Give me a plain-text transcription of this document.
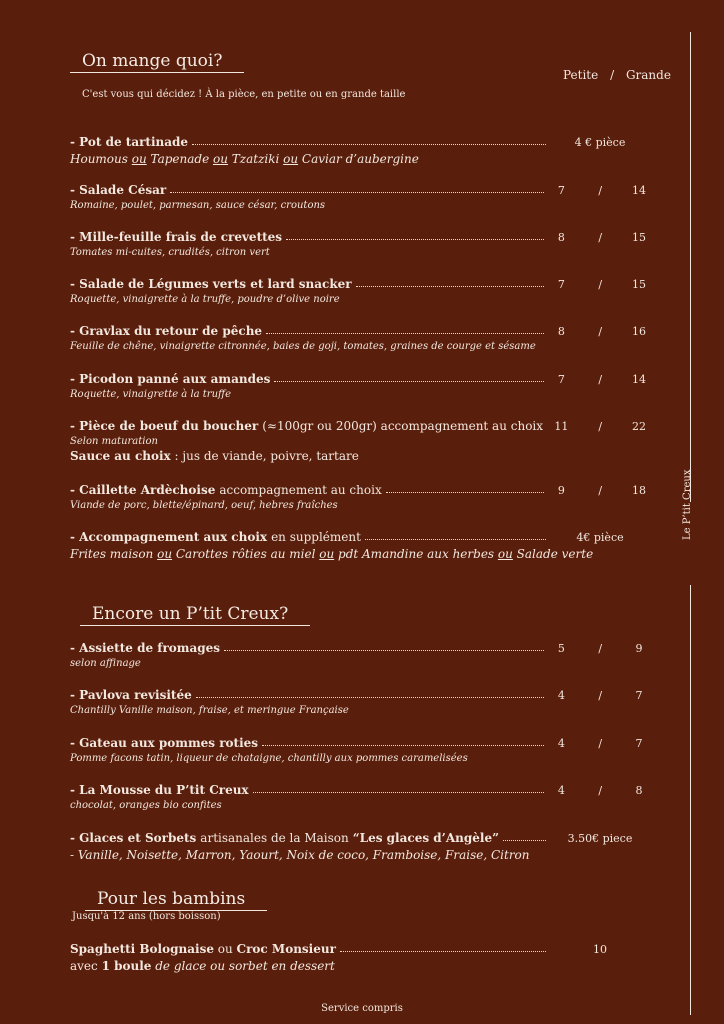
Le P’tit Creux
On mange quoi?
Petite / Grande
C'est vous qui décidez ! À la pièce, en petite ou en grande taille
- Pot de tartinade	4 € pièce
Houmous ou Tapenade ou Tzatziki ou Caviar d’aubergine
- Salade César	7	/	14
Romaine, poulet, parmesan, sauce césar, croutons
- Mille-feuille frais de crevettes	8	/	15
Tomates mi-cuites, crudités, citron vert
- Salade de Légumes verts et lard snacker	7	/	15
Roquette, vinaigrette à la truffe, poudre d’olive noire
- Gravlax du retour de pêche	8	/	16
Feuille de chêne, vinaigrette citronnée, baies de goji, tomates, graines de courge et sésame
- Picodon panné aux amandes	7	/	14
Roquette, vinaigrette à la truffe
- Pièce de boeuf du boucher (≈100gr ou 200gr) accompagnement au choix	11	/	22
Selon maturation
Sauce au choix : jus de viande, poivre, tartare
- Caillette Ardèchoise accompagnement au choix	9	/	18
Viande de porc, blette/épinard, oeuf, hebres fraîches
- Accompagnement aux choix en supplément	4€ pièce
Frites maison ou Carottes rôties au miel ou pdt Amandine aux herbes ou Salade verte
Encore un P’tit Creux?
- Assiette de fromages	5	/	9
selon affinage
- Pavlova revisitée	4	/	7
Chantilly Vanille maison, fraise, et meringue Française
- Gateau aux pommes roties	4	/	7
Pomme facons tatin, liqueur de chataigne, chantilly aux pommes caramelisées
- La Mousse du P’tit Creux	4	/	8
chocolat, oranges bio confites
- Glaces et Sorbets artisanales de la Maison “Les glaces d’Angèle”	3.50€ piece
- Vanille, Noisette, Marron, Yaourt, Noix de coco, Framboise, Fraise, Citron
Pour les bambins
Jusqu'à 12 ans (hors boisson)
Spaghetti Bolognaise ou Croc Monsieur	10
avec 1 boule de glace ou sorbet en dessert
Service compris
